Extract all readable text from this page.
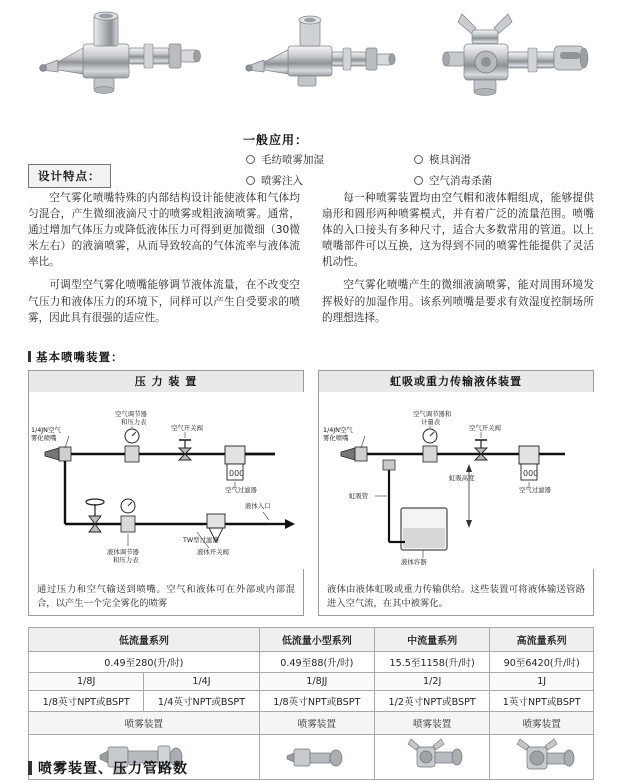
一般应用：
毛纺喷雾加湿	模具润滑
喷雾注入	空气消毒杀菌
设计特点：

空气雾化喷嘴特殊的内部结构设计能使液体和气体均匀混合，产生微细液滴尺寸的喷雾或粗液滴喷雾。通常，通过增加气体压力或降低液体压力可得到更加微细（30微米左右）的液滴喷雾，从而导致较高的气体流率与液体流率比。

可调型空气雾化喷嘴能够调节液体流量，在不改变空气压力和液体压力的环境下，同样可以产生自受要求的喷雾，因此具有很强的适应性。

每一种喷雾装置均由空气帽和液体帽组成，能够提供扇形和圆形两种喷雾模式，并有着广泛的流量范围。喷嘴体的入口接头有多种尺寸，适合大多数常用的管道。以上喷嘴部件可以互换，这为得到不同的喷雾性能提供了灵活机动性。

空气雾化喷嘴产生的微细液滴喷雾，能对周围环境发挥极好的加湿作用。该系列喷嘴是要求有效湿度控制场所的理想选择。

基本喷嘴装置：
压 力 装 置
000
1/4JN空气
雾化喷嘴
空气调节器
和压力表
空气开关阀
空气过滤器
液体入口
液体调节器
和压力表
液体开关阀
TW型过滤器
通过压力和空气输送到喷嘴。空气和液体可在外部或内部混合，以产生一个完全雾化的喷雾
虹吸或重力传输液体装置
000
1/4JN空气
雾化喷嘴
空气调节器和
计量表
空气开关阀
空气过滤器
虹吸管
虹吸高度
液体容器
液体由液体虹吸或重力传输供给。这些装置可将液体输送管路进入空气流，在其中被雾化。
低流量系列		低流量小型系列	中流量系列	高流量系列
0.49至280(升/时)		0.49至88(升/时)	15.5至1158(升/时)	90至6420(升/时)
1/8J	1/4J	1/8JJ	1/2J	1J
1/8英寸NPT或BSPT	1/4英寸NPT或BSPT	1/8英寸NPT或BSPT	1/2英寸NPT或BSPT	1英寸NPT或BSPT
喷雾装置		喷雾装置	喷雾装置	喷雾装置

喷雾装置、压力管路数
